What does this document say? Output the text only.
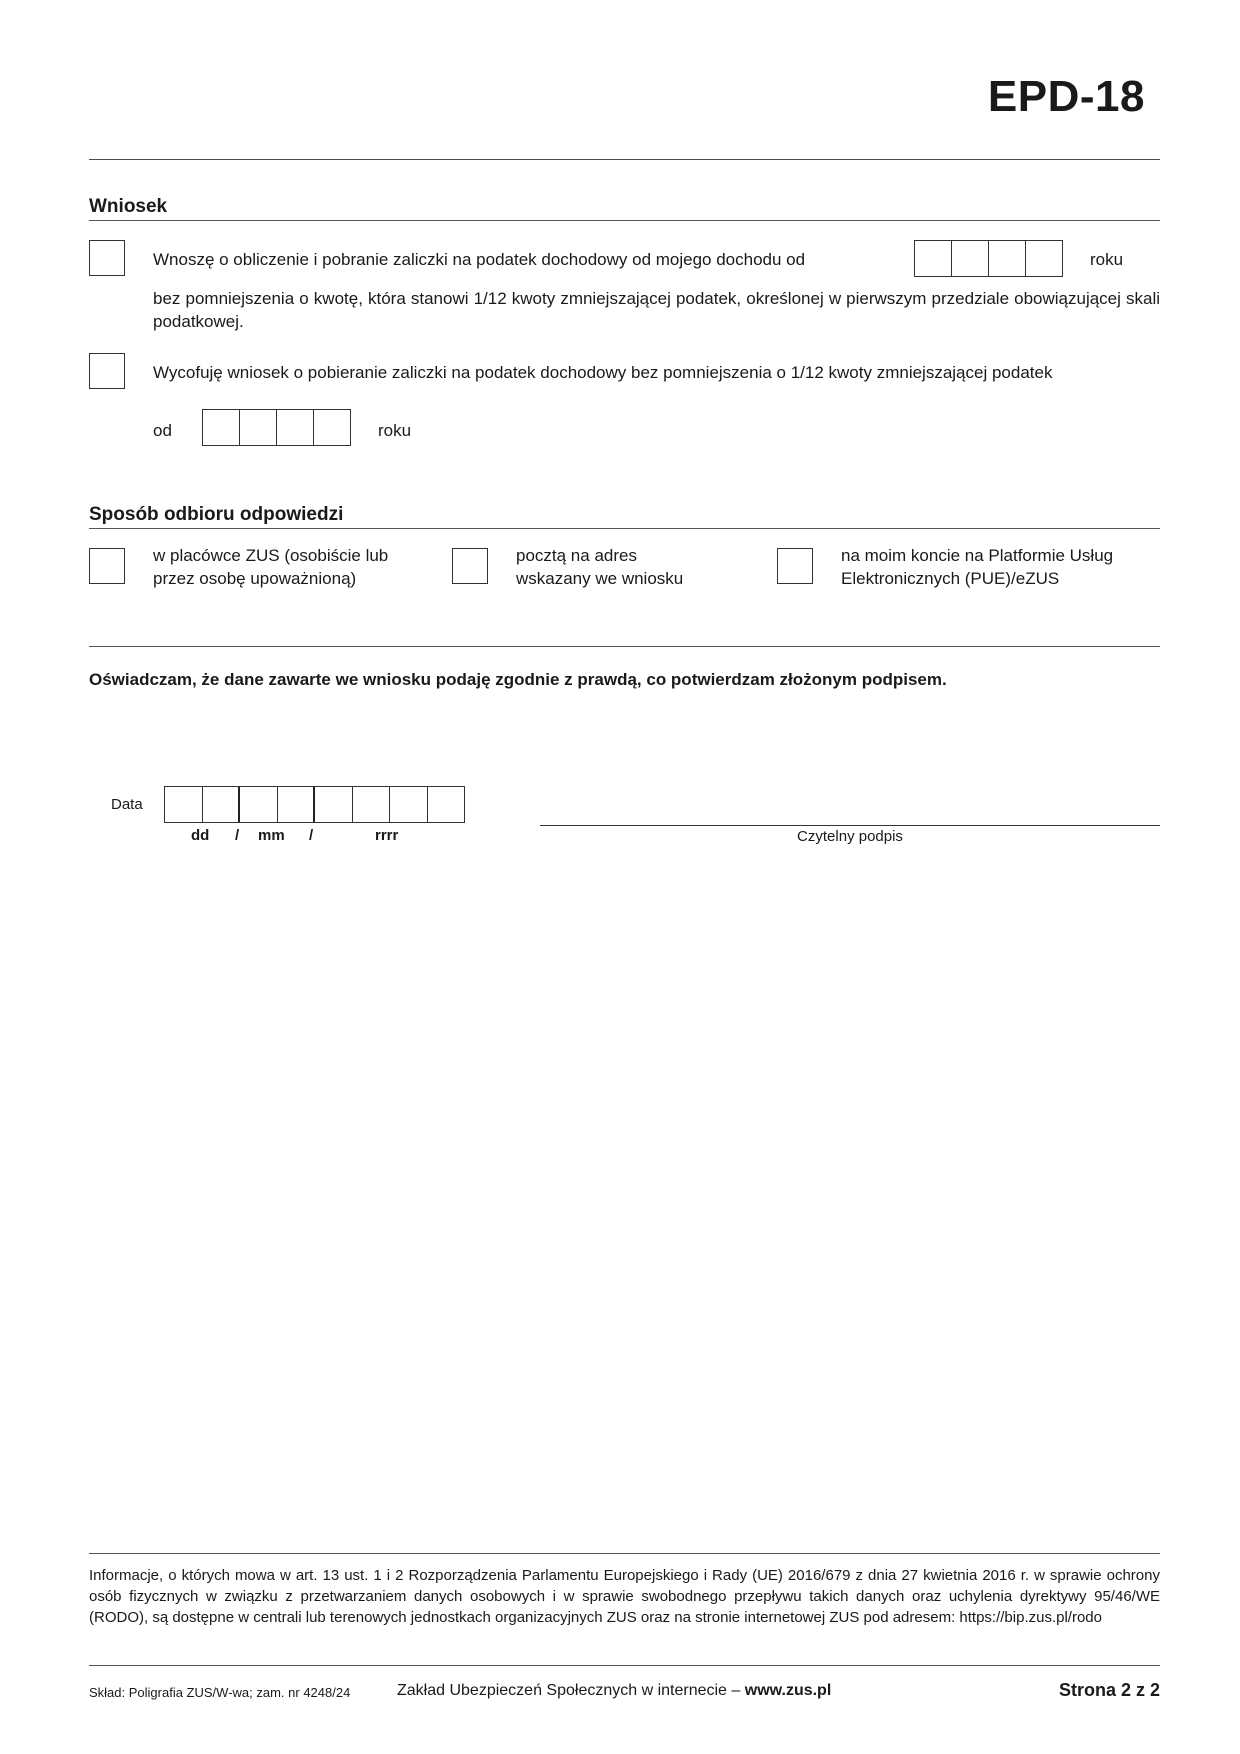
EPD-18
Wniosek
Wnoszę o obliczenie i pobranie zaliczki na podatek dochodowy od mojego dochodu od	roku
bez pomniejszenia o kwotę, która stanowi 1/12 kwoty zmniejszającej podatek, określonej w pierwszym przedziale obowiązującej skali podatkowej.
Wycofuję wniosek o pobieranie zaliczki na podatek dochodowy bez pomniejszenia o 1/12 kwoty zmniejszającej podatek
od	roku
Sposób odbioru odpowiedzi
w placówce ZUS (osobiście lub
przez osobę upoważnioną)
pocztą na adres
wskazany we wniosku
na moim koncie na Platformie Usług
Elektronicznych (PUE)/eZUS
Oświadczam, że dane zawarte we wniosku podaję zgodnie z prawdą, co potwierdzam złożonym podpisem.
Data
dd / mm /	rrrr	Czytelny podpis
Informacje, o których mowa w art. 13 ust. 1 i 2 Rozporządzenia Parlamentu Europejskiego i Rady (UE) 2016/679 z dnia 27 kwietnia 2016 r. w sprawie ochrony osób fizycznych w związku z przetwarzaniem danych osobowych i w sprawie swobodnego przepływu takich danych oraz uchylenia dyrektywy 95/46/WE (RODO), są dostępne w centrali lub terenowych jednostkach organizacyjnych ZUS oraz na stronie internetowej ZUS pod adresem: https://bip.zus.pl/rodo
Skład: Poligrafia ZUS/W-wa; zam. nr 4248/24	Zakład Ubezpieczeń Społecznych w internecie – www.zus.pl	Strona 2 z 2
